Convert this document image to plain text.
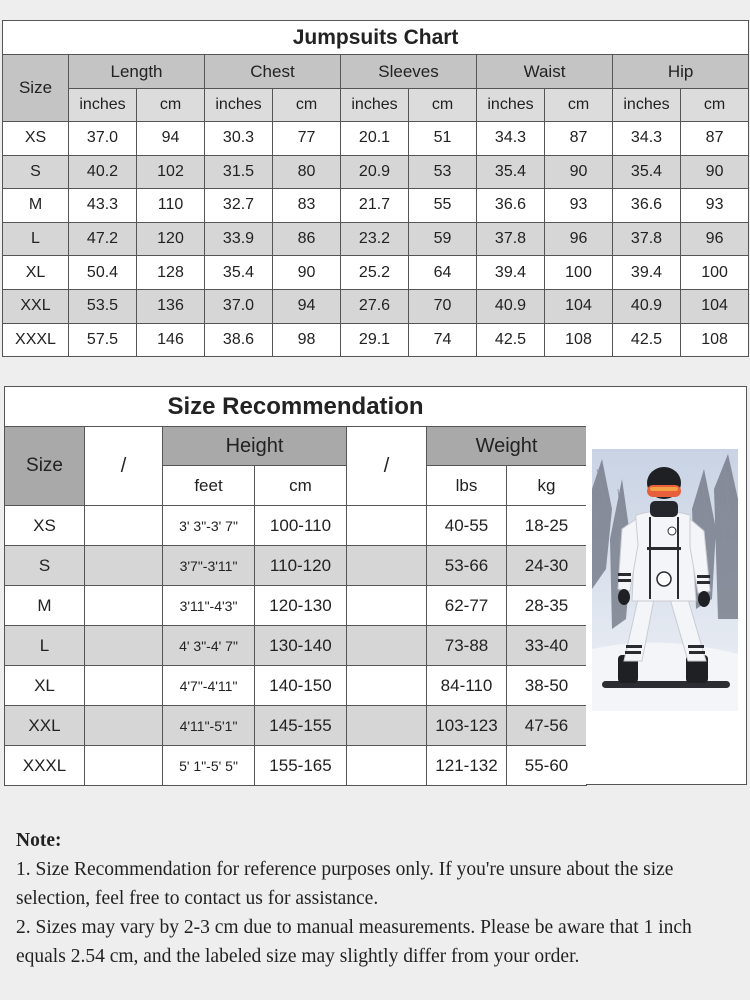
Jumpsuits Chart										
Size	Length		Chest		Sleeves		Waist		Hip	
	inches	cm	inches	cm	inches	cm	inches	cm	inches	cm
XS	37.0	94	30.3	77	20.1	51	34.3	87	34.3	87
S	40.2	102	31.5	80	20.9	53	35.4	90	35.4	90
M	43.3	110	32.7	83	21.7	55	36.6	93	36.6	93
L	47.2	120	33.9	86	23.2	59	37.8	96	37.8	96
XL	50.4	128	35.4	90	25.2	64	39.4	100	39.4	100
XXL	53.5	136	37.0	94	27.6	70	40.9	104	40.9	104
XXXL	57.5	146	38.6	98	29.1	74	42.5	108	42.5	108
Size Recommendation						
Size	/	Height		/	Weight	
		feet	cm		lbs	kg
XS		3' 3"-3' 7"	100-110		40-55	18-25
S		3'7"-3'11"	110-120		53-66	24-30
M		3'11"-4'3"	120-130		62-77	28-35
L		4' 3"-4' 7"	130-140		73-88	33-40
XL		4'7"-4'11"	140-150		84-110	38-50
XXL		4'11"-5'1"	145-155		103-123	47-56
XXXL		5' 1"-5' 5"	155-165		121-132	55-60
Note:
1. Size Recommendation for reference purposes only. If you're unsure about the size selection, feel free to contact us for assistance.
2. Sizes may vary by 2-3 cm due to manual measurements. Please be aware that 1 inch equals 2.54 cm, and the labeled size may slightly differ from your order.
